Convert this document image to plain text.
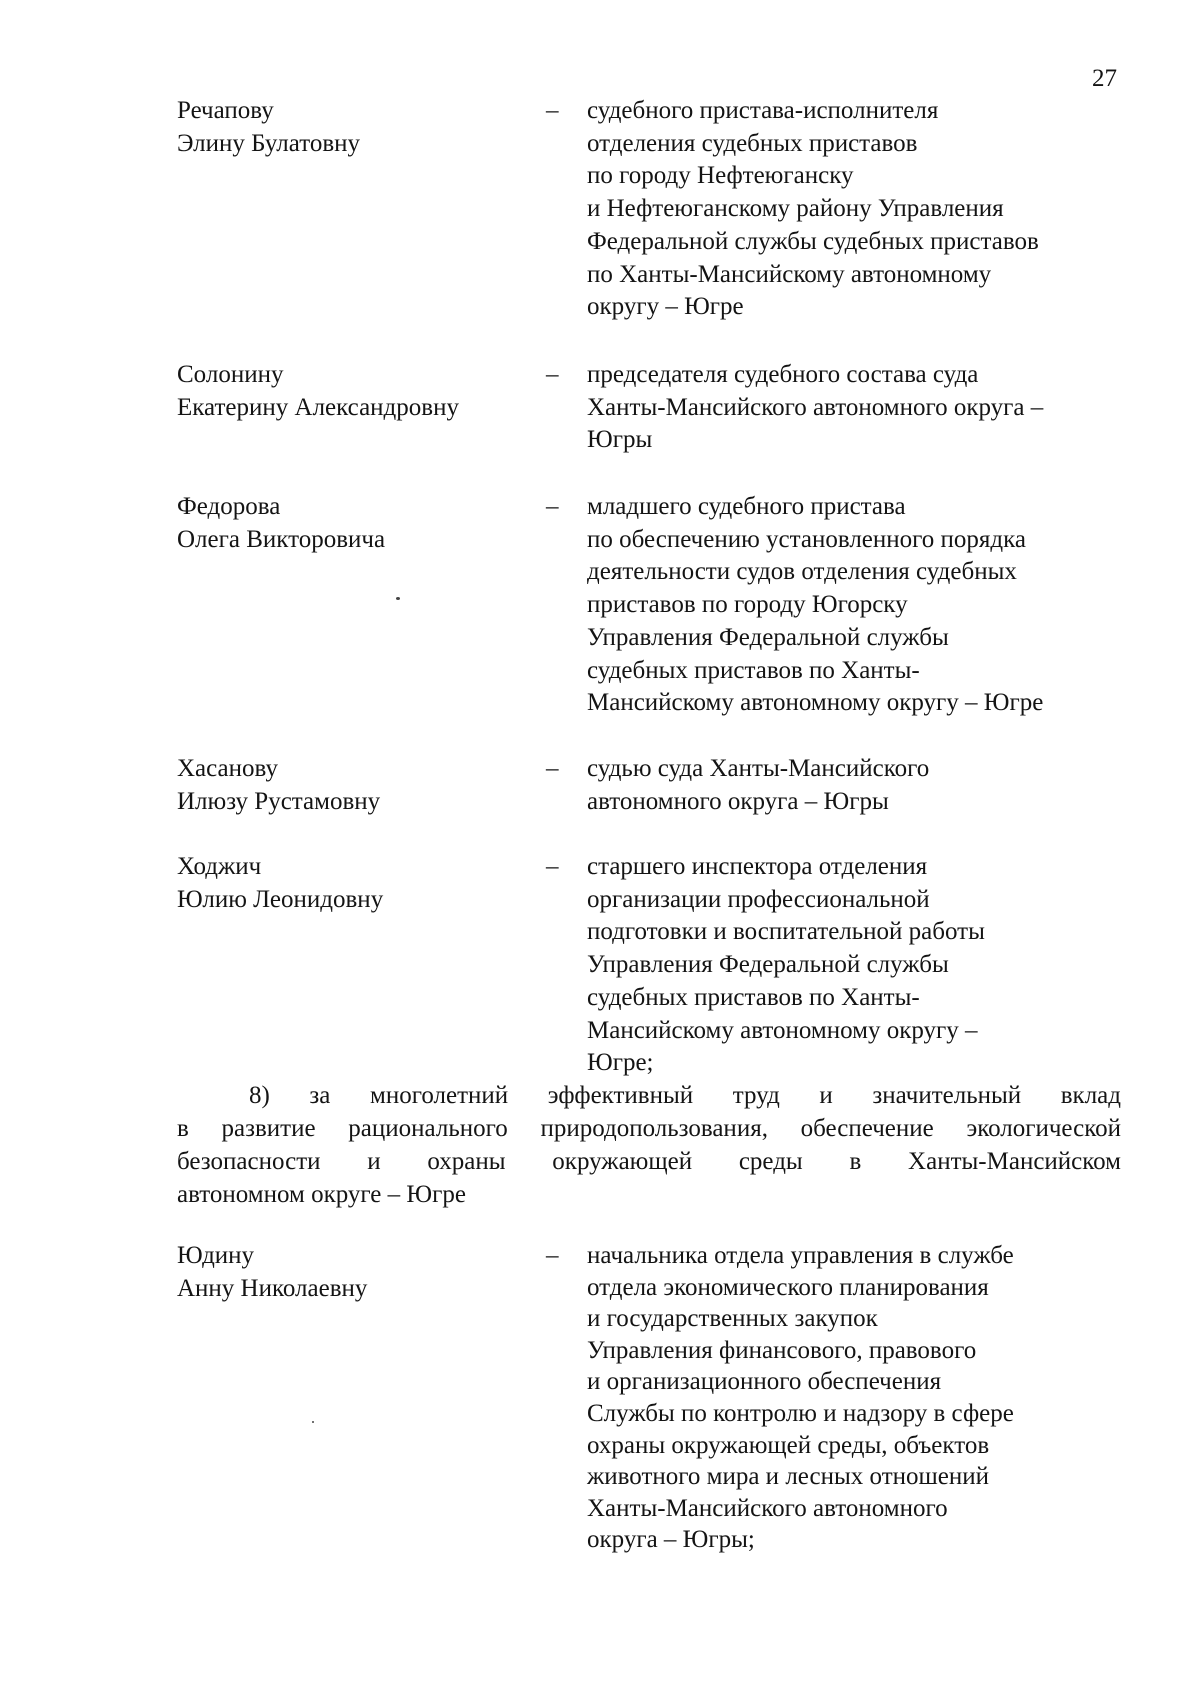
27
Речапову
Элину Булатовну
– судебного пристава-исполнителя
отделения судебных приставов
по городу Нефтеюганску
и Нефтеюганскому району Управления
Федеральной службы судебных приставов
по Ханты-Мансийскому автономному
округу – Югре
Солонину
Екатерину Александровну
– председателя судебного состава суда
Ханты-Мансийского автономного округа –
Югры
Федорова
Олега Викторовича
– младшего судебного пристава
по обеспечению установленного порядка
деятельности судов отделения судебных
приставов по городу Югорску
Управления Федеральной службы
судебных приставов по Ханты-
Мансийскому автономному округу – Югре
Хасанову
Илюзу Рустамовну
– судью суда Ханты-Мансийского
автономного округа – Югры
Ходжич
Юлию Леонидовну
– старшего инспектора отделения
организации профессиональной
подготовки и воспитательной работы
Управления Федеральной службы
судебных приставов по Ханты-
Мансийскому автономному округу –
Югре;
8) за многолетний эффективный труд и значительный вклад
в развитие рационального природопользования, обеспечение экологической
безопасности и охраны окружающей среды в Ханты-Мансийском
автономном округе – Югре
Юдину
Анну Николаевну
– начальника отдела управления в службе
отдела экономического планирования
и государственных закупок
Управления финансового, правового
и организационного обеспечения
Службы по контролю и надзору в сфере
охраны окружающей среды, объектов
животного мира и лесных отношений
Ханты-Мансийского автономного
округа – Югры;
